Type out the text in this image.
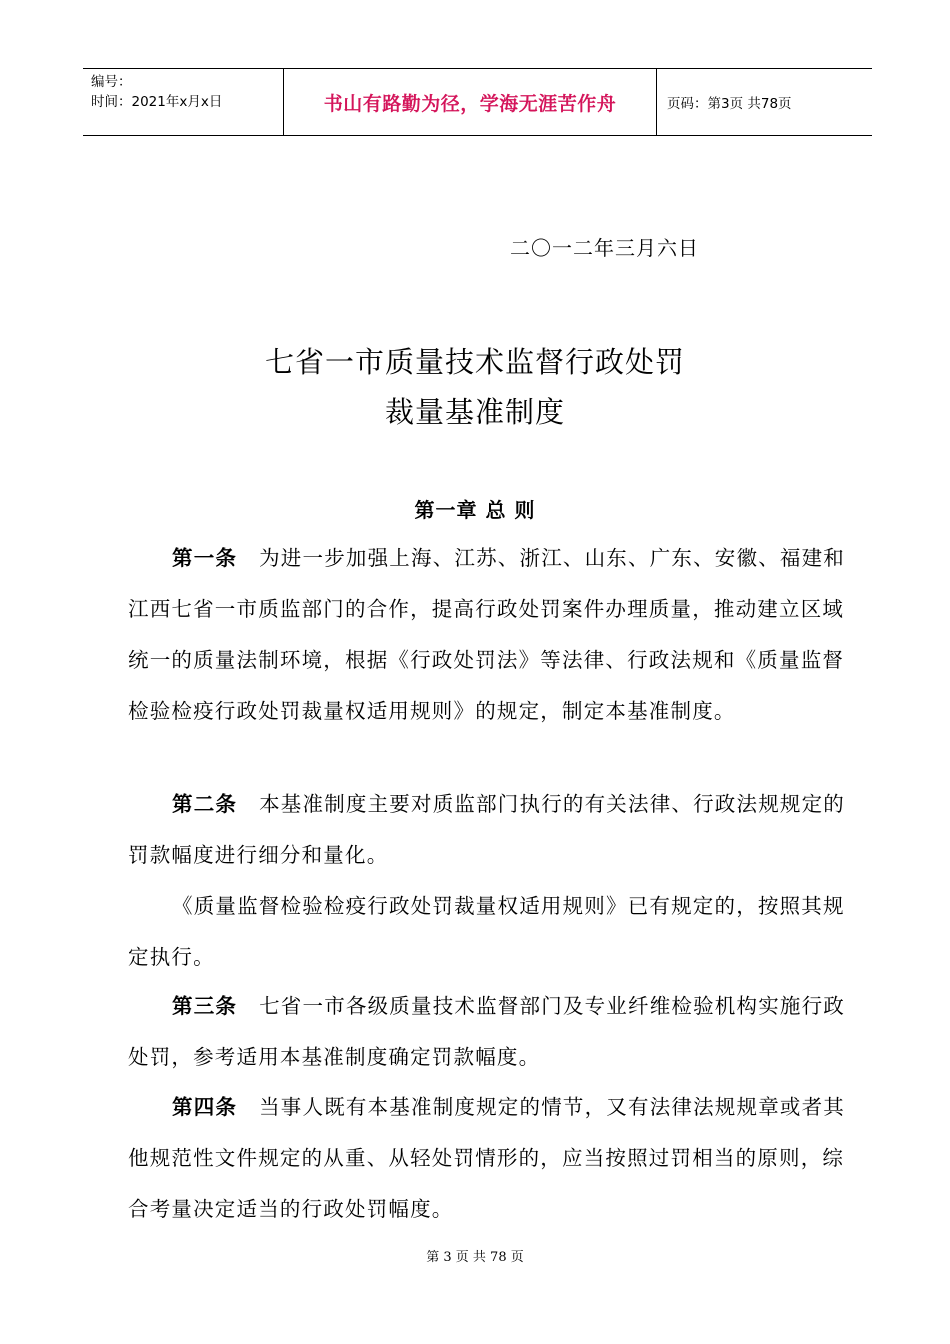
编号：
时间：2021年x月x日	书山有路勤为径，学海无涯苦作舟	页码：第3页 共78页
二〇一二年三月六日
七省一市质量技术监督行政处罚
裁量基准制度
第一章 总 则
第一条 为进一步加强上海、江苏、浙江、山东、广东、安徽、福建和江西七省一市质监部门的合作，提高行政处罚案件办理质量，推动建立区域统一的质量法制环境，根据《行政处罚法》等法律、行政法规和《质量监督检验检疫行政处罚裁量权适用规则》的规定，制定本基准制度。
第二条 本基准制度主要对质监部门执行的有关法律、行政法规规定的罚款幅度进行细分和量化。
《质量监督检验检疫行政处罚裁量权适用规则》已有规定的，按照其规定执行。
第三条 七省一市各级质量技术监督部门及专业纤维检验机构实施行政处罚，参考适用本基准制度确定罚款幅度。
第四条 当事人既有本基准制度规定的情节，又有法律法规规章或者其他规范性文件规定的从重、从轻处罚情形的，应当按照过罚相当的原则，综合考量决定适当的行政处罚幅度。
第 3 页 共 78 页
